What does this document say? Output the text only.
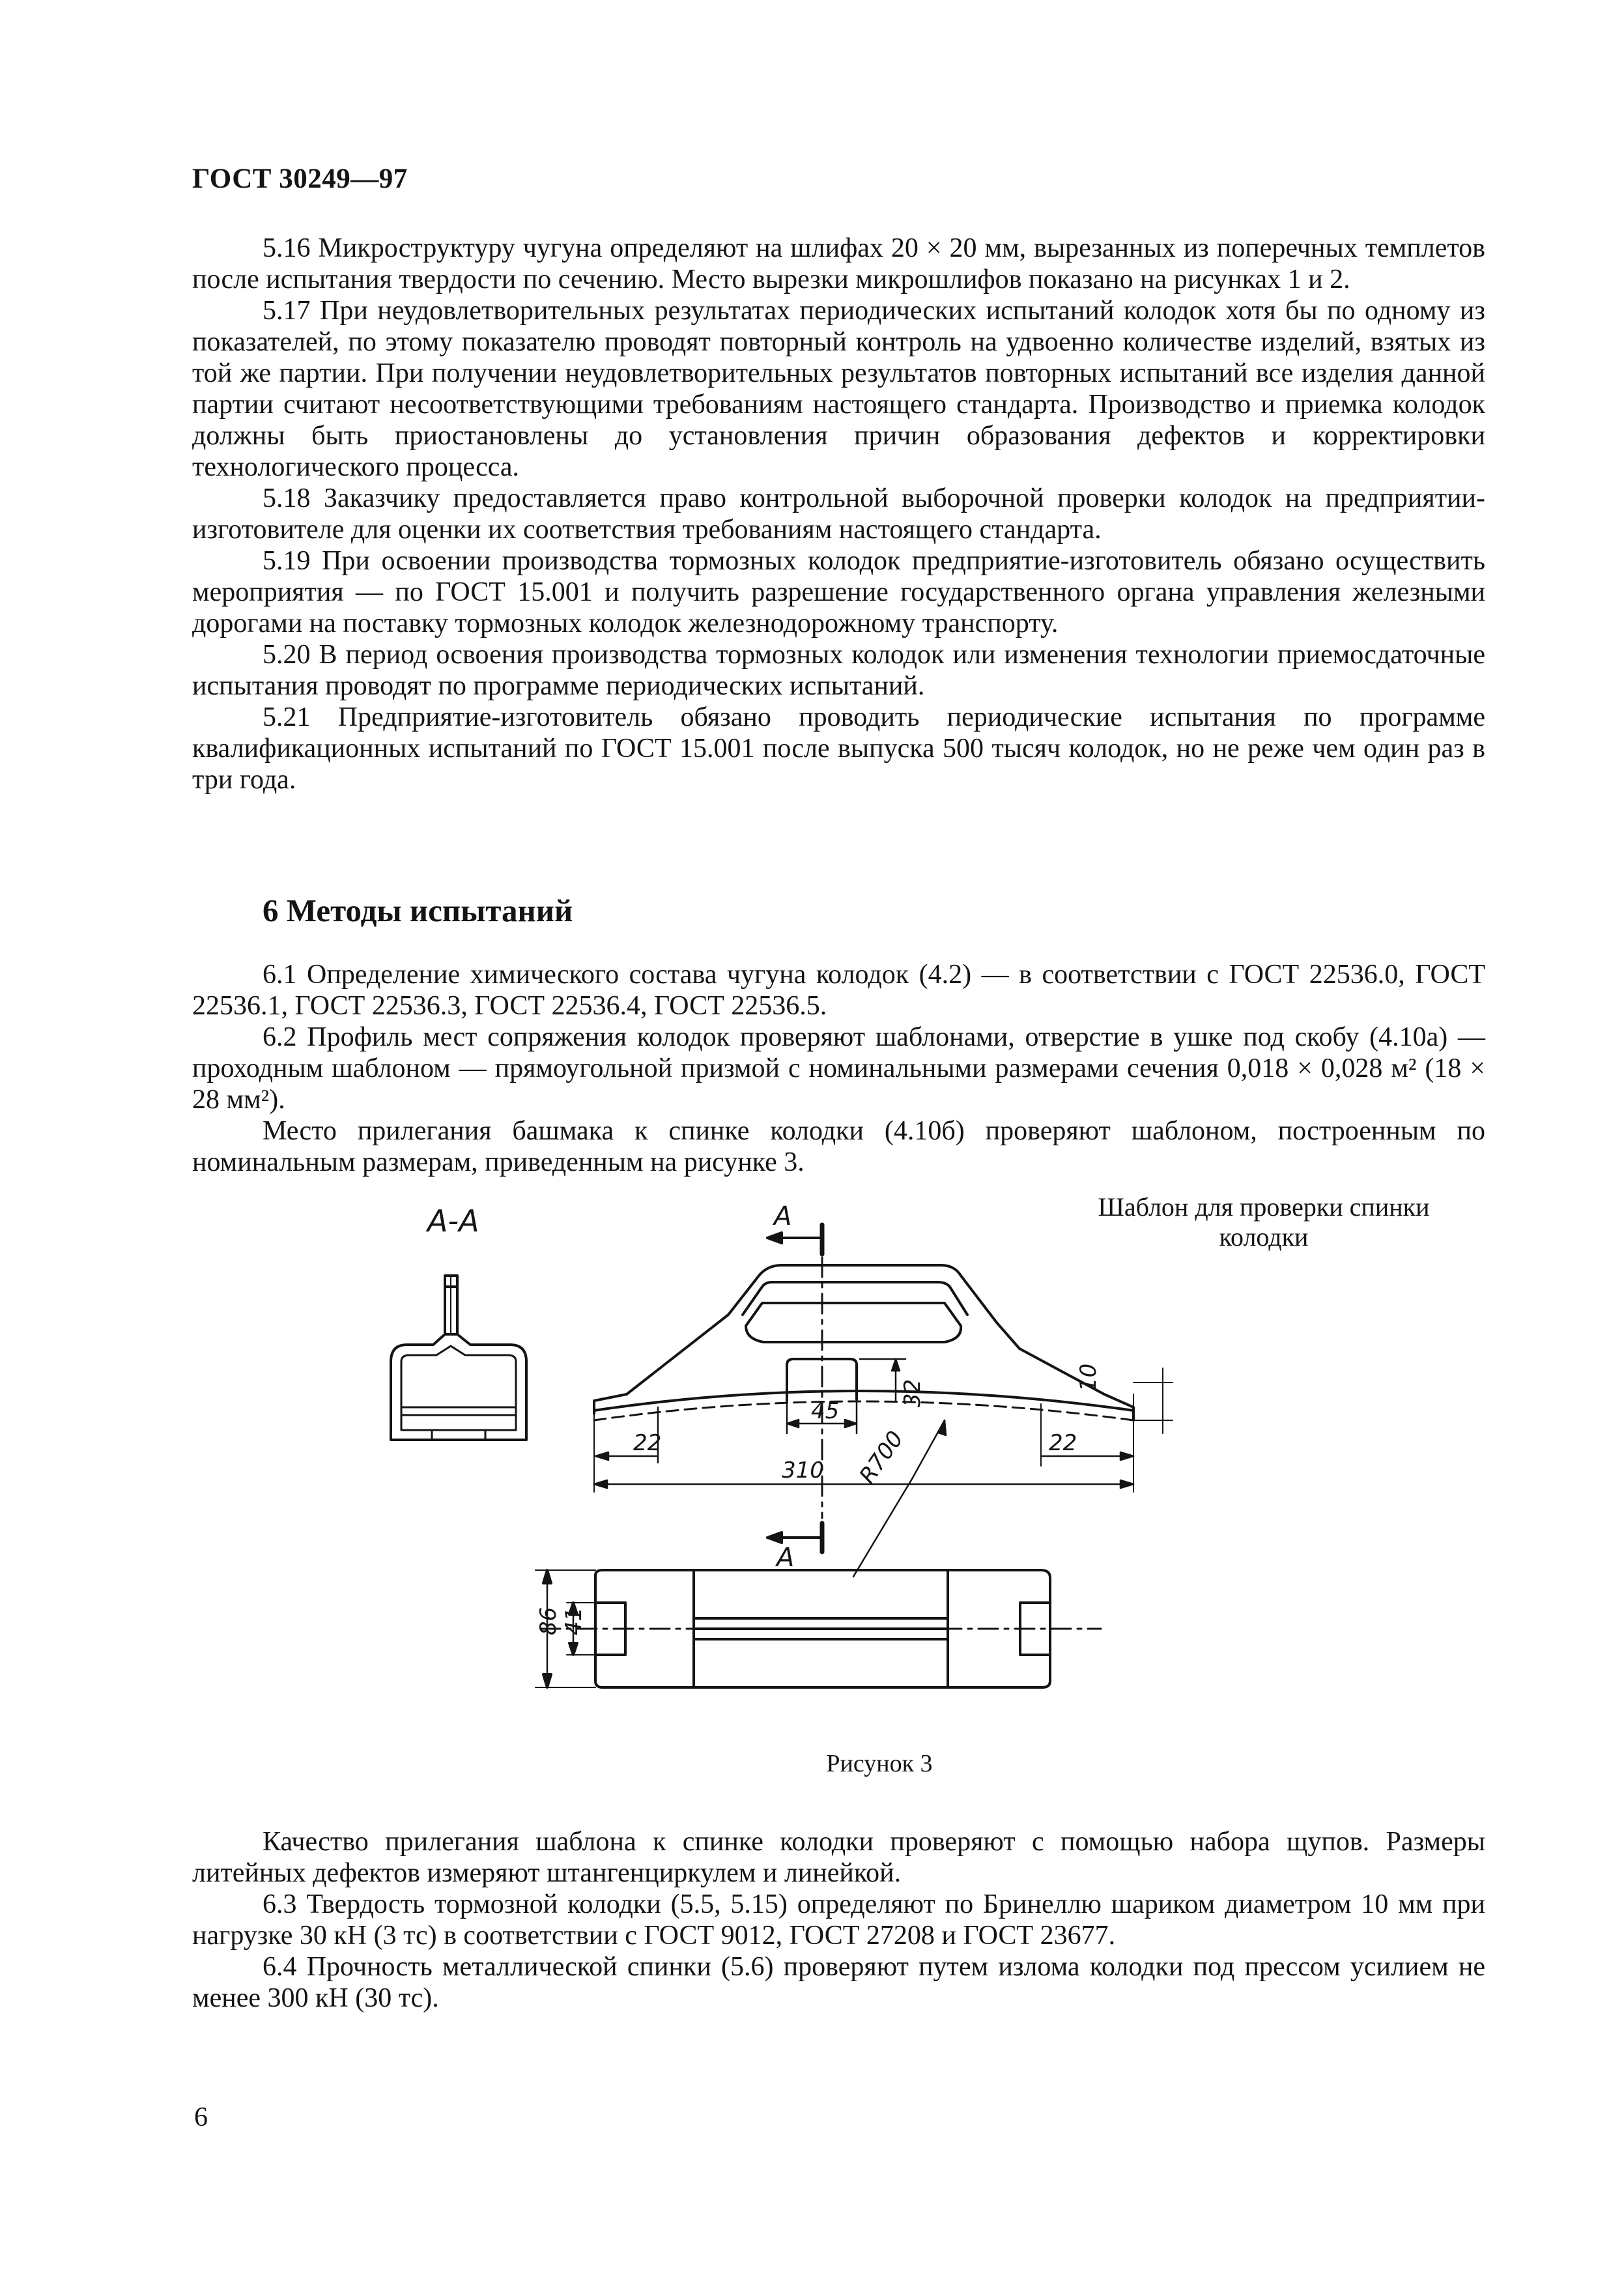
ГОСТ 30249—97

5.16 Микроструктуру чугуна определяют на шлифах 20 × 20 мм, вырезанных из поперечных темплетов после испытания твердости по сечению. Место вырезки микрошлифов показано на рисунках 1 и 2.

5.17 При неудовлетворительных результатах периодических испытаний колодок хотя бы по одному из показателей, по этому показателю проводят повторный контроль на удвоенно количестве изделий, взятых из той же партии. При получении неудовлетворительных результатов повторных испытаний все изделия данной партии считают несоответствующими требованиям настоящего стандарта. Производство и приемка колодок должны быть приостановлены до установления причин образования дефектов и корректировки технологического процесса.

5.18 Заказчику предоставляется право контрольной выборочной проверки колодок на предприятии-изготовителе для оценки их соответствия требованиям настоящего стандарта.

5.19 При освоении производства тормозных колодок предприятие-изготовитель обязано осуществить мероприятия — по ГОСТ 15.001 и получить разрешение государственного органа управления железными дорогами на поставку тормозных колодок железнодорожному транспорту.

5.20 В период освоения производства тормозных колодок или изменения технологии приемосдаточные испытания проводят по программе периодических испытаний.

5.21 Предприятие-изготовитель обязано проводить периодические испытания по программе квалификационных испытаний по ГОСТ 15.001 после выпуска 500 тысяч колодок, но не реже чем один раз в три года.

6 Методы испытаний

6.1 Определение химического состава чугуна колодок (4.2) — в соответствии с ГОСТ 22536.0, ГОСТ 22536.1, ГОСТ 22536.3, ГОСТ 22536.4, ГОСТ 22536.5.

6.2 Профиль мест сопряжения колодок проверяют шаблонами, отверстие в ушке под скобу (4.10а) — проходным шаблоном — прямоугольной призмой с номинальными размерами сечения 0,018 × 0,028 м² (18 × 28 мм²).

Место прилегания башмака к спинке колодки (4.10б) проверяют шаблоном, построенным по номинальным размерам, приведенным на рисунке 3.

Шаблон для проверки спинки колодки
А-А	А
А
22
45
32
10
310 R700	22
86 41
Рисунок 3

Качество прилегания шаблона к спинке колодки проверяют с помощью набора щупов. Размеры литейных дефектов измеряют штангенциркулем и линейкой.

6.3 Твердость тормозной колодки (5.5, 5.15) определяют по Бринеллю шариком диаметром 10 мм при нагрузке 30 кН (3 тс) в соответствии с ГОСТ 9012, ГОСТ 27208 и ГОСТ 23677.

6.4 Прочность металлической спинки (5.6) проверяют путем излома колодки под прессом усилием не менее 300 кН (30 тс).

6
